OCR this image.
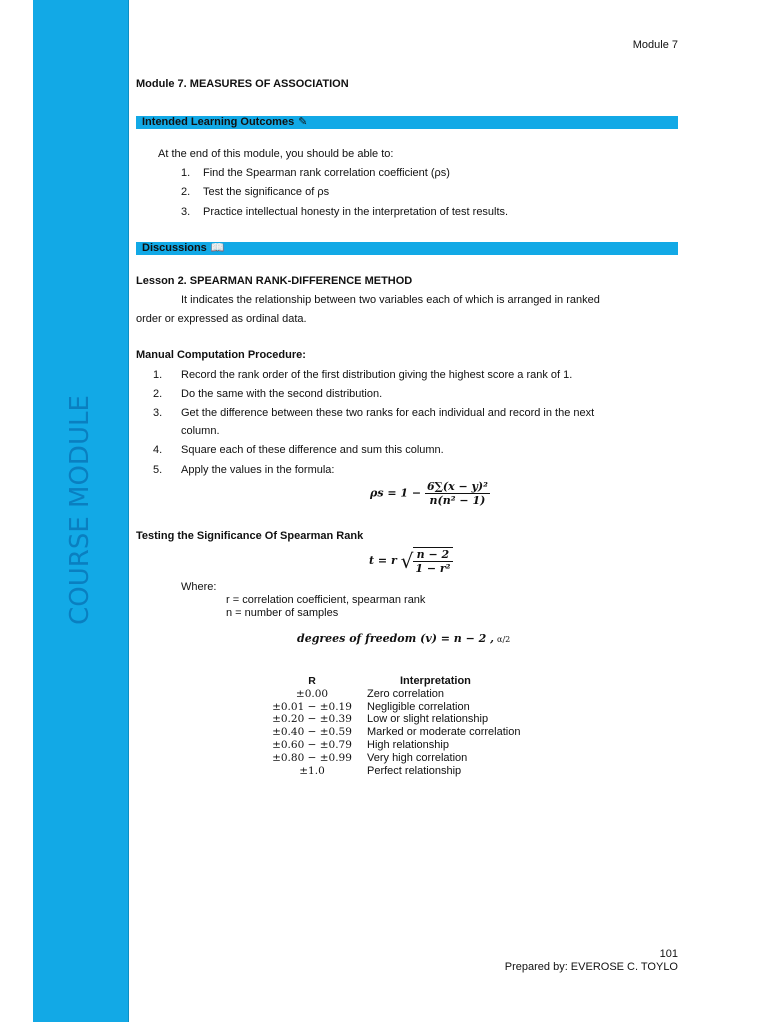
COURSE MODULE
Module 7
Module 7. MEASURES OF ASSOCIATION
Intended Learning Outcomes ✎
At the end of this module, you should be able to:
1. Find the Spearman rank correlation coefficient (ρs)
2. Test the significance of ρs
3. Practice intellectual honesty in the interpretation of test results.
Discussions 📖
Lesson 2. SPEARMAN RANK-DIFFERENCE METHOD
It indicates the relationship between two variables each of which is arranged in ranked
order or expressed as ordinal data.
Manual Computation Procedure:
1. Record the rank order of the first distribution giving the highest score a rank of 1.
2. Do the same with the second distribution.
3. Get the difference between these two ranks for each individual and record in the next
column.
4. Square each of these difference and sum this column.
5. Apply the values in the formula:
$\rho s = 1 - \frac{\text{6∑(x − y)²}}{\text{n(n² − 1)}}$
Testing the Significance Of Spearman Rank
t = r √ $\frac{n - 2}{\text{1 − r²}}$
Where:
r = correlation coefficient, spearman rank
n = number of samples
degrees of freedom (v) = n − 2 , α/2
R	Interpretation
±0.00	Zero correlation
±0.01 − ±0.19	Negligible correlation
±0.20 − ±0.39	Low or slight relationship
±0.40 − ±0.59	Marked or moderate correlation
±0.60 − ±0.79	High relationship
±0.80 − ±0.99	Very high correlation
±1.0	Perfect relationship
101
Prepared by: EVEROSE C. TOYLO
